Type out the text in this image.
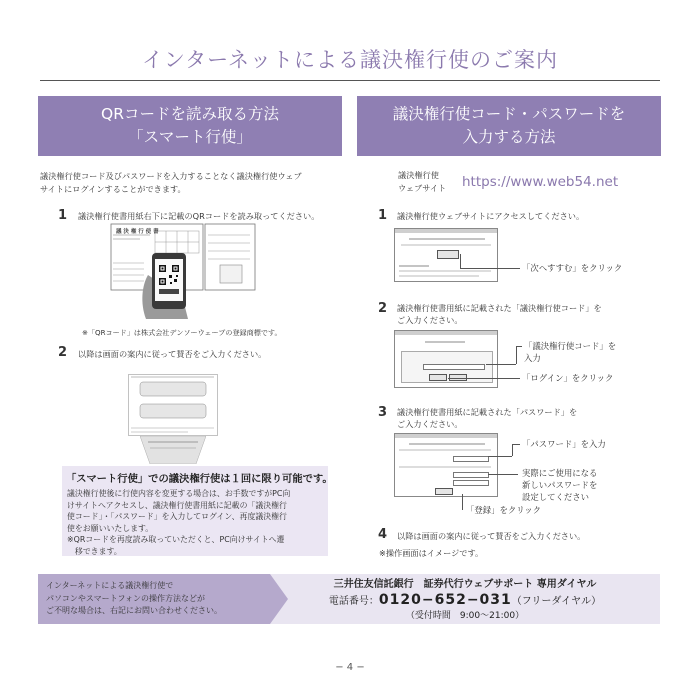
インターネットによる議決権行使のご案内
QRコードを読み取る方法
「スマート行使」
議決権行使コード・パスワードを
入力する方法
議決権行使コード及びパスワードを入力することなく議決権行使ウェブ
サイトにログインすることができます。
1 議決権行使書用紙右下に記載のQRコードを読み取ってください。
議 決 権 行 使 書
※「QRコード」は株式会社デンソーウェーブの登録商標です。
2 以降は画面の案内に従って賛否をご入力ください。
「スマート行使」での議決権行使は１回に限り可能です。
議決権行使後に行使内容を変更する場合は、お手数ですがPC向
けサイトへアクセスし、議決権行使書用紙に記載の「議決権行
使コード」・「パスワード」を入力してログイン、再度議決権行
使をお願いいたします。
※QRコードを再度読み取っていただくと、PC向けサイトへ遷
　移できます。
議決権行使
ウェブサイト https://www.web54.net
1 議決権行使ウェブサイトにアクセスしてください。
「次へすすむ」をクリック
2 議決権行使書用紙に記載された「議決権行使コード」を
ご入力ください。
「議決権行使コード」を
入力
「ログイン」をクリック
3 議決権行使書用紙に記載された「パスワード」を
ご入力ください。
「パスワード」を入力
実際にご使用になる
新しいパスワードを
設定してください
「登録」をクリック
4 以降は画面の案内に従って賛否をご入力ください。
※操作画面はイメージです。
インターネットによる議決権行使で
パソコンやスマートフォンの操作方法などが
ご不明な場合は、右記にお問い合わせください。
三井住友信託銀行　証券代行ウェブサポート 専用ダイヤル
電話番号：0120−652−031（フリーダイヤル）
（受付時間　9:00〜21:00）
− 4 −
